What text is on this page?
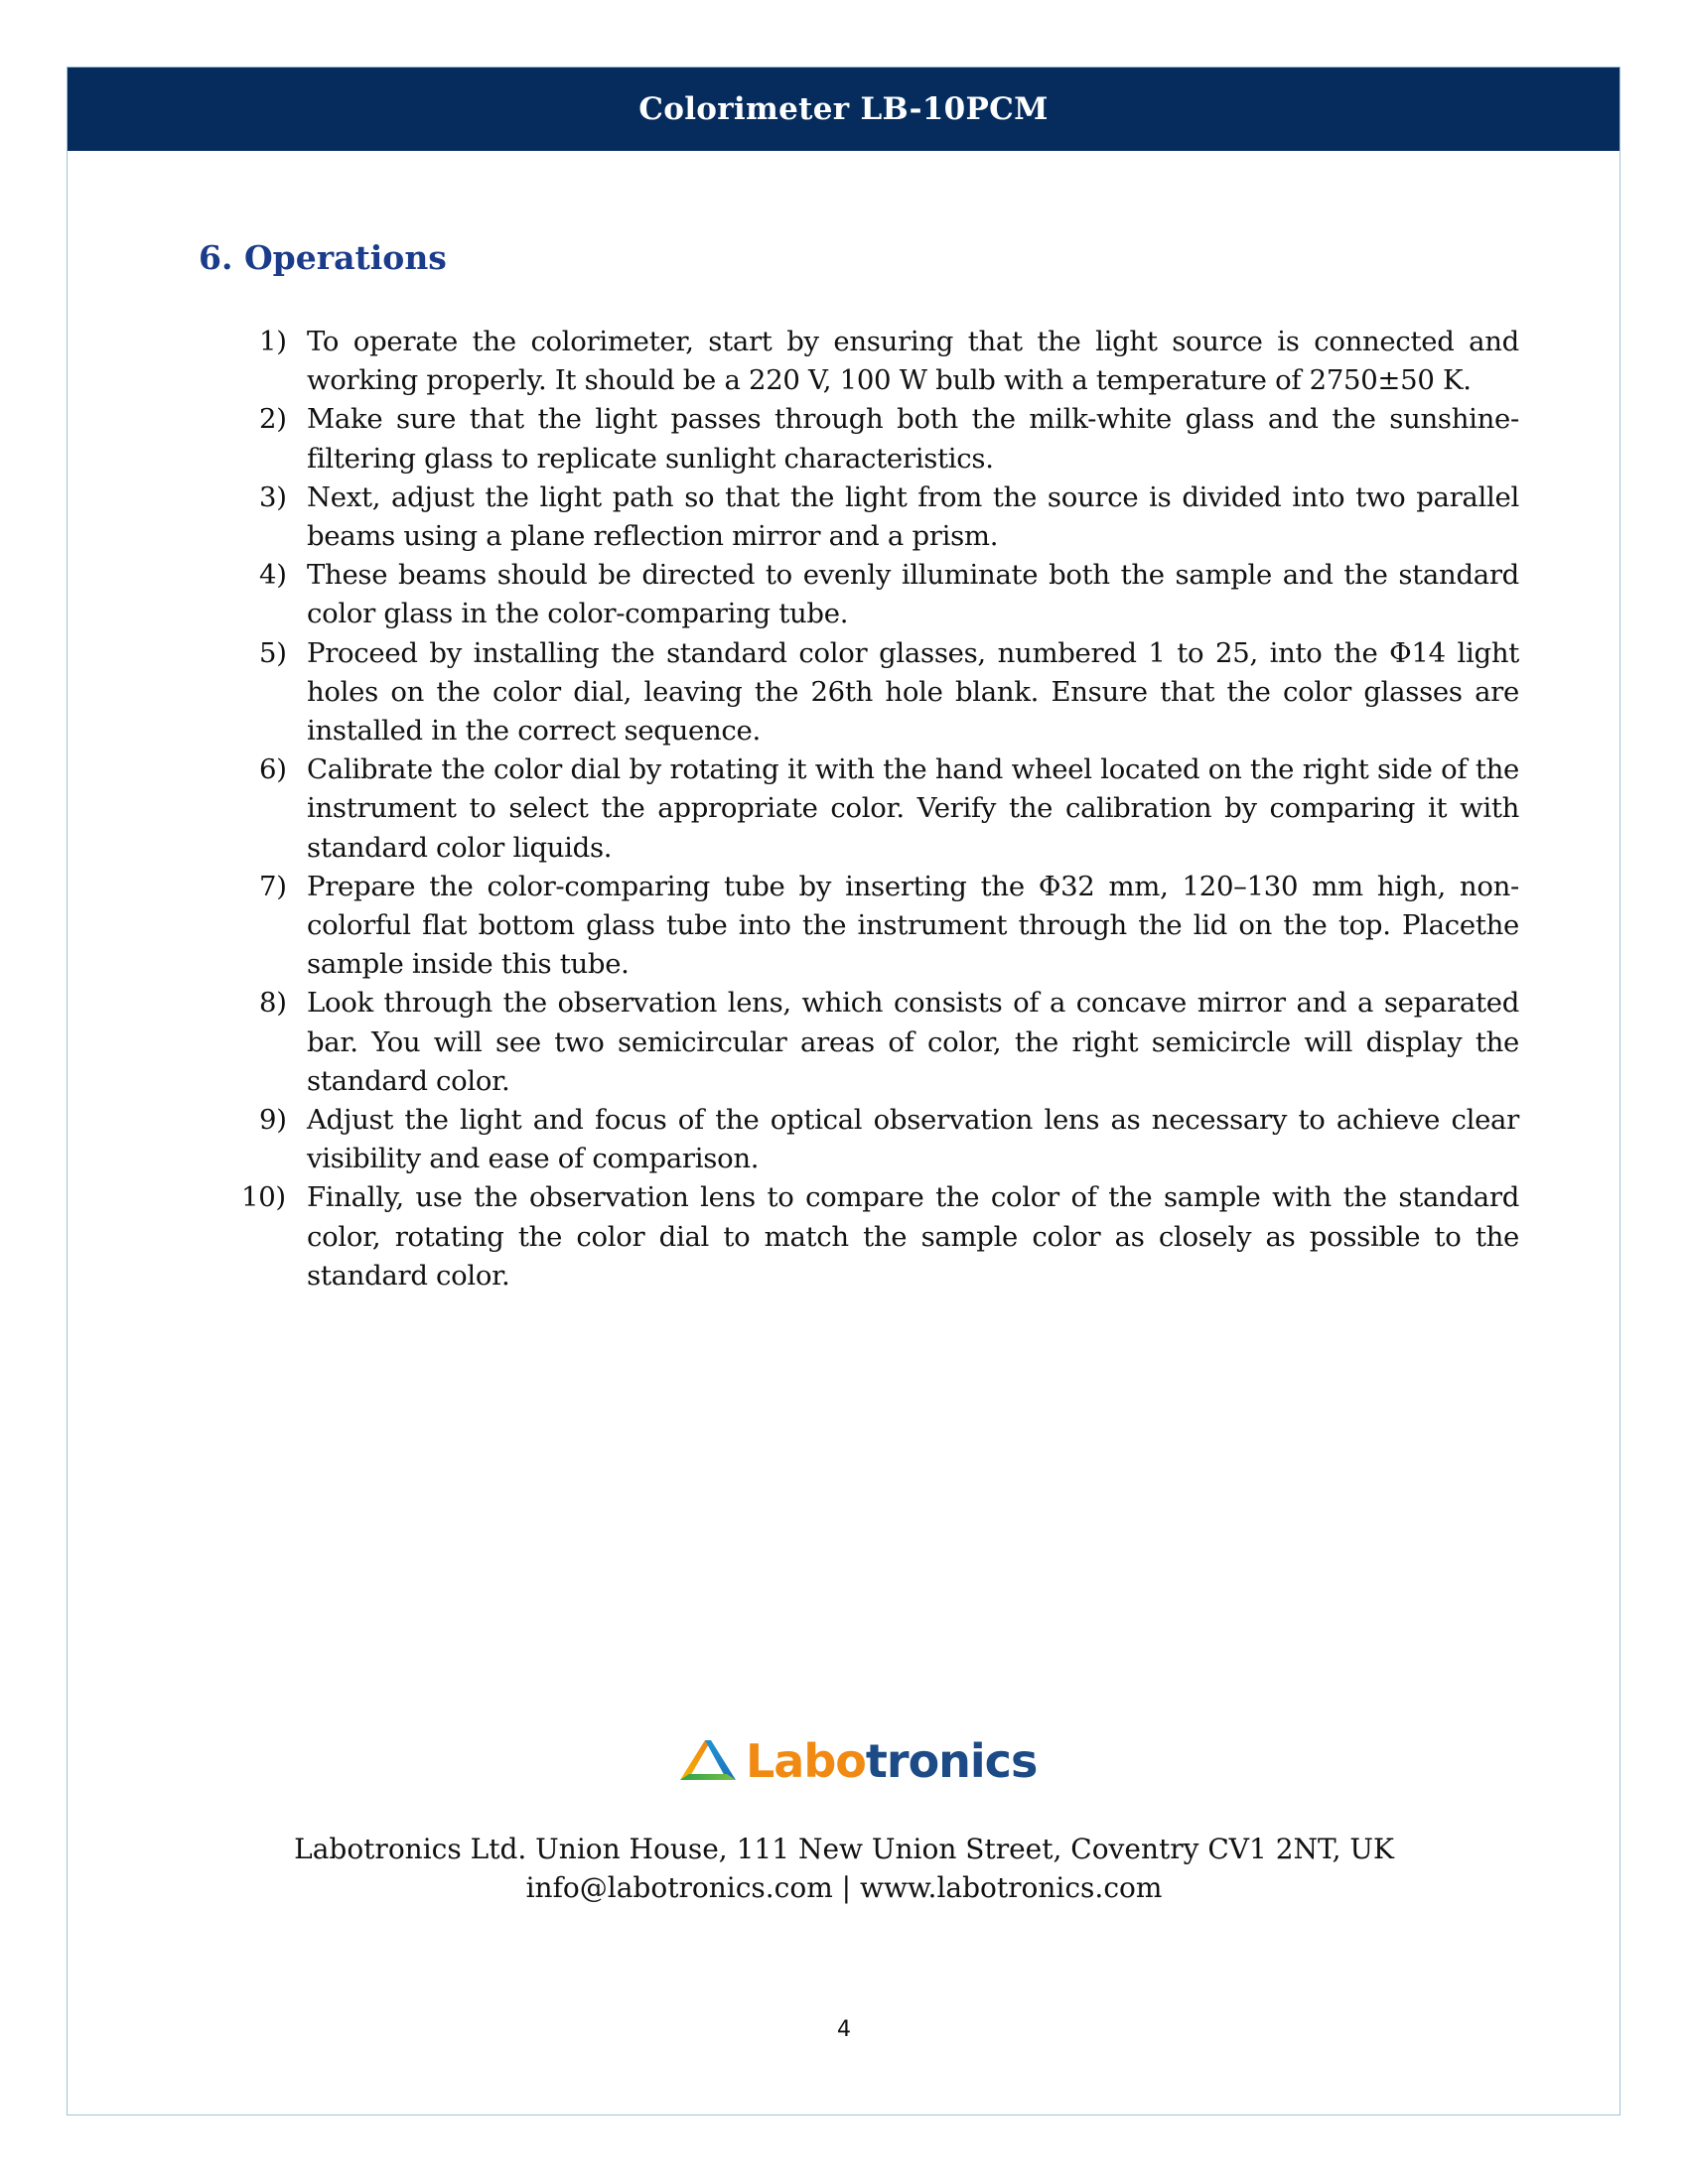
Colorimeter LB-10PCM
6. Operations
1) To operate the colorimeter, start by ensuring that the light source is connected and working properly. It should be a 220 V, 100 W bulb with a temperature of 2750±50 K.
2) Make sure that the light passes through both the milk-white glass and the sunshine-filtering glass to replicate sunlight characteristics.
3) Next, adjust the light path so that the light from the source is divided into two parallel beams using a plane reflection mirror and a prism.
4) These beams should be directed to evenly illuminate both the sample and the standard color glass in the color-comparing tube.
5) Proceed by installing the standard color glasses, numbered 1 to 25, into the Φ14 light holes on the color dial, leaving the 26th hole blank. Ensure that the color glasses are installed in the correct sequence.
6) Calibrate the color dial by rotating it with the hand wheel located on the right side of the instrument to select the appropriate color. Verify the calibration by comparing it with standard color liquids.
7) Prepare the color-comparing tube by inserting the Φ32 mm, 120–130 mm high, non-colorful flat bottom glass tube into the instrument through the lid on the top. Placethe sample inside this tube.
8) Look through the observation lens, which consists of a concave mirror and a separated bar. You will see two semicircular areas of color, the right semicircle will display the standard color.
9) Adjust the light and focus of the optical observation lens as necessary to achieve clear visibility and ease of comparison.
10) Finally, use the observation lens to compare the color of the sample with the standard color, rotating the color dial to match the sample color as closely as possible to the standard color.
Labotronics
Labotronics Ltd. Union House, 111 New Union Street, Coventry CV1 2NT, UK
info@labotronics.com | www.labotronics.com
4
